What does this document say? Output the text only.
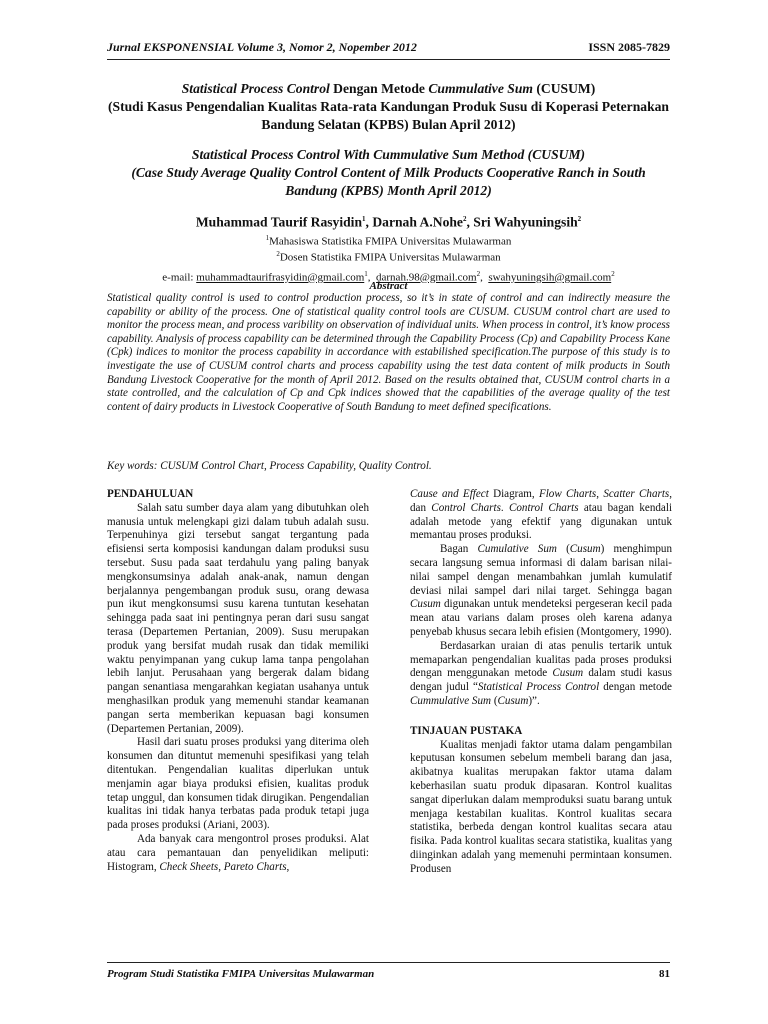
Jurnal EKSPONENSIAL Volume 3, Nomor 2, Nopember 2012	ISSN 2085-7829

Statistical Process Control Dengan Metode Cummulative Sum (CUSUM)
(Studi Kasus Pengendalian Kualitas Rata-rata Kandungan Produk Susu di Koperasi Peternakan Bandung Selatan (KPBS) Bulan April 2012)

Statistical Process Control With Cummulative Sum Method (CUSUM)
(Case Study Average Quality Control Content of Milk Products Cooperative Ranch in South Bandung (KPBS) Month April 2012)

Muhammad Taurif Rasyidin$^1$, Darnah A.Nohe$^2$, Sri Wahyuningsih$^2$

$^1$Mahasiswa Statistika FMIPA Universitas Mulawarman

$^2$Dosen Statistika FMIPA Universitas Mulawarman

e-mail: muhammadtaurifrasyidin@gmail.com$^1$,  darnah.98@gmail.com$^2$,  swahyuningsih@gmail.com$^2$

Abstract

Statistical quality control is used to control production process, so it’s in state of control and can indirectly measure the capability or ability of the process. One of statistical quality control tools are CUSUM. CUSUM control chart are used to monitor the process mean, and process varibility on observation of individual units. When process in control, it’s know process capability. Analysis of process capability can be determined through the Capability Process (Cp) and Capability Process Kane (Cpk) indices to monitor the process capability in accordance with estabilished specification.The purpose of this study is to investigate the use of CUSUM control charts and process capability using the test data content of milk products in South Bandung Livestock Cooperative for the month of April 2012. Based on the results obtained that, CUSUM control charts in a state controlled, and the calculation of Cp and Cpk indices showed that the capabilities of the average quality of the test content of dairy products in Livestock Cooperative of South Bandung to meet defined specifications.

Key words: CUSUM Control Chart, Process Capability, Quality Control.

PENDAHULUAN

Salah satu sumber daya alam yang dibutuhkan oleh manusia untuk melengkapi gizi dalam tubuh adalah susu. Terpenuhinya gizi tersebut sangat tergantung pada efisiensi serta komposisi kandungan dalam produksi susu tersebut. Susu pada saat terdahulu yang paling banyak mengkonsumsinya adalah anak-anak, namun dengan berjalannya pengembangan produk susu, orang dewasa pun ikut mengkonsumsi susu karena tuntutan kesehatan sehingga pada saat ini pentingnya peran dari susu sangat terasa (Departemen Pertanian, 2009). Susu merupakan produk yang bersifat mudah rusak dan tidak memiliki waktu penyimpanan yang cukup lama tanpa pengolahan lebih lanjut. Perusahaan yang bergerak dalam bidang pangan senantiasa mengarahkan kegiatan usahanya untuk menghasilkan produk yang memenuhi standar keamanan pangan serta memberikan kepuasan bagi konsumen (Departemen Pertanian, 2009).

Hasil dari suatu proses produksi yang diterima oleh konsumen dan dituntut memenuhi spesifikasi yang telah ditentukan. Pengendalian kualitas diperlukan untuk menjamin agar biaya produksi efisien, kualitas produk tetap unggul, dan konsumen tidak dirugikan. Pengendalian kualitas ini tidak hanya terbatas pada produk tetapi juga pada proses produksi (Ariani, 2003).

Ada banyak cara mengontrol proses produksi. Alat atau cara pemantauan dan penyelidikan meliputi: Histogram, Check Sheets, Pareto Charts,

Cause and Effect Diagram, Flow Charts, Scatter Charts, dan Control Charts. Control Charts atau bagan kendali adalah metode yang efektif yang digunakan untuk memantau proses produksi.

Bagan Cumulative Sum (Cusum) menghimpun secara langsung semua informasi di dalam barisan nilai-nilai sampel dengan menambahkan jumlah kumulatif deviasi nilai sampel dari nilai target. Sehingga bagan Cusum digunakan untuk mendeteksi pergeseran kecil pada mean atau varians dalam proses oleh karena adanya penyebab khusus secara lebih efisien (Montgomery, 1990).

Berdasarkan uraian di atas penulis tertarik untuk memaparkan pengendalian kualitas pada proses produksi dengan menggunakan metode Cusum dalam studi kasus dengan judul “Statistical Process Control dengan metode Cummulative Sum (Cusum)”.

TINJAUAN PUSTAKA

Kualitas menjadi faktor utama dalam pengambilan keputusan konsumen sebelum membeli barang dan jasa, akibatnya kualitas merupakan faktor utama dalam keberhasilan suatu produk dipasaran. Kontrol kualitas sangat diperlukan dalam memproduksi suatu barang untuk menjaga kestabilan kualitas. Kontrol kualitas secara statistika, berbeda dengan kontrol kualitas secara atau fisika. Pada kontrol kualitas secara statistika, kualitas yang diinginkan adalah yang memenuhi permintaan konsumen. Produsen

Program Studi Statistika FMIPA Universitas Mulawarman	81
